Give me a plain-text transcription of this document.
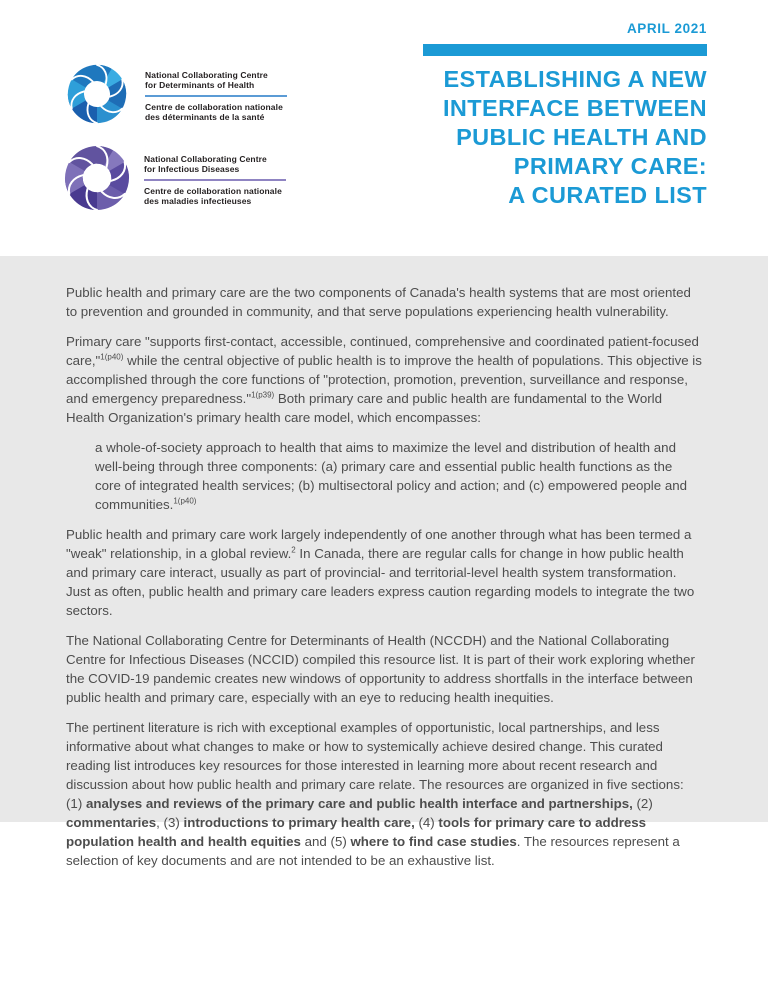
National Collaborating Centre
for Determinants of Health
Centre de collaboration nationale
des déterminants de la santé
National Collaborating Centre
for Infectious Diseases
Centre de collaboration nationale
des maladies infectieuses
APRIL 2021
ESTABLISHING A NEW
INTERFACE BETWEEN
PUBLIC HEALTH AND
PRIMARY CARE:
A CURATED LIST

Public health and primary care are the two components of Canada's health systems that are most oriented to prevention and grounded in community, and that serve populations experiencing health vulnerability.

Primary care "supports first-contact, accessible, continued, comprehensive and coordinated patient-focused care,"$^{1(p40)}$ while the central objective of public health is to improve the health of populations. This objective is accomplished through the core functions of "protection, promotion, prevention, surveillance and response, and emergency preparedness."$^{1(p39)}$ Both primary care and public health are fundamental to the World Health Organization's primary health care model, which encompasses:

a whole-of-society approach to health that aims to maximize the level and distribution of health and well-being through three components: (a) primary care and essential public health functions as the core of integrated health services; (b) multisectoral policy and action; and (c) empowered people and communities.$^{1(p40)}$

Public health and primary care work largely independently of one another through what has been termed a "weak" relationship, in a global review.$^2$ In Canada, there are regular calls for change in how public health and primary care interact, usually as part of provincial- and territorial-level health system transformation. Just as often, public health and primary care leaders express caution regarding models to integrate the two sectors.

The National Collaborating Centre for Determinants of Health (NCCDH) and the National Collaborating Centre for Infectious Diseases (NCCID) compiled this resource list. It is part of their work exploring whether the COVID-19 pandemic creates new windows of opportunity to address shortfalls in the interface between public health and primary care, especially with an eye to reducing health inequities.

The pertinent literature is rich with exceptional examples of opportunistic, local partnerships, and less informative about what changes to make or how to systemically achieve desired change. This curated reading list introduces key resources for those interested in learning more about recent research and discussion about how public health and primary care relate. The resources are organized in five sections: (1) analyses and reviews of the primary care and public health interface and partnerships, (2) commentaries, (3) introductions to primary health care, (4) tools for primary care to address population health and health equities and (5) where to find case studies. The resources represent a selection of key documents and are not intended to be an exhaustive list.
